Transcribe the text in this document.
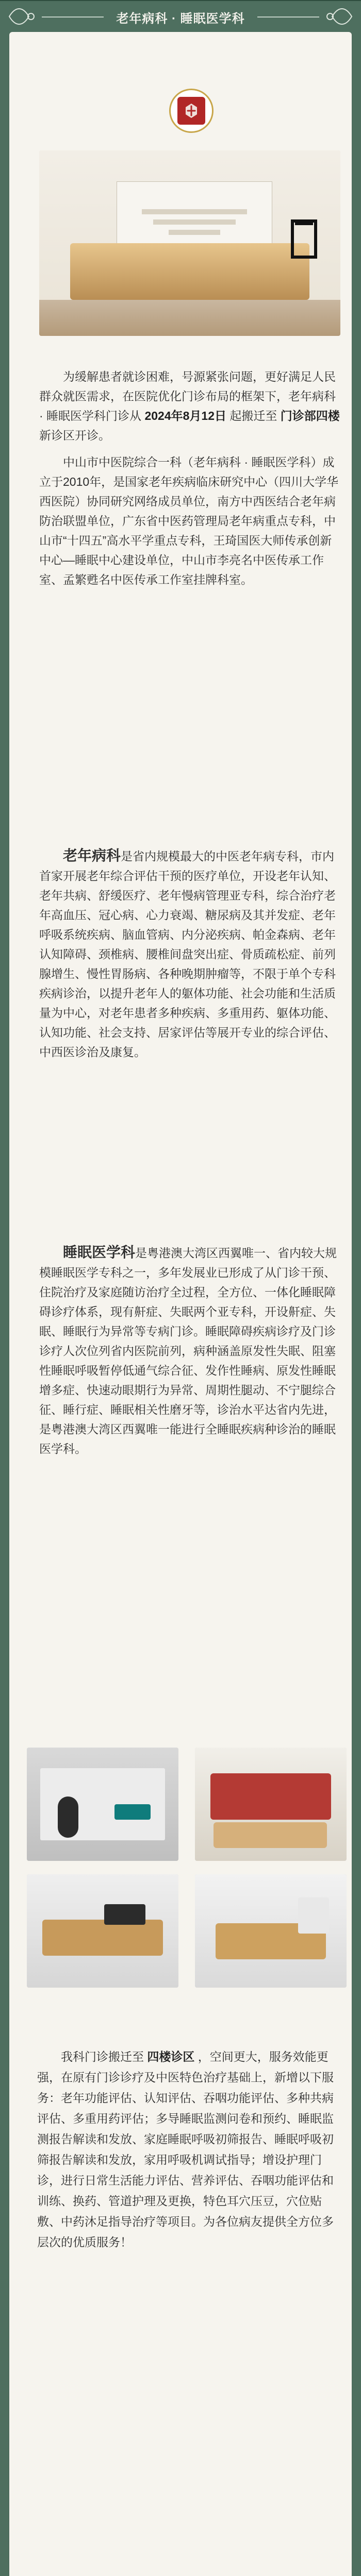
老年病科 · 睡眠医学科

为缓解患者就诊困难，号源紧张问题，更好满足人民群众就医需求，在医院优化门诊布局的框架下，老年病科 · 睡眠医学科门诊从 2024年8月12日 起搬迁至 门诊部四楼 新诊区开诊。

中山市中医院综合一科（老年病科 · 睡眠医学科）成立于2010年，是国家老年疾病临床研究中心（四川大学华西医院）协同研究网络成员单位，南方中西医结合老年病防治联盟单位，广东省中医药管理局老年病重点专科，中山市“十四五”高水平学重点专科，王琦国医大师传承创新中心—睡眠中心建设单位，中山市李亮名中医传承工作室、孟繁甦名中医传承工作室挂牌科室。

老年病科是省内规模最大的中医老年病专科，市内首家开展老年综合评估干预的医疗单位，开设老年认知、老年共病、舒缓医疗、老年慢病管理亚专科，综合治疗老年高血压、冠心病、心力衰竭、糖尿病及其并发症、老年呼吸系统疾病、脑血管病、内分泌疾病、帕金森病、老年认知障碍、颈椎病、腰椎间盘突出症、骨质疏松症、前列腺增生、慢性胃肠病、各种晚期肿瘤等，不限于单个专科疾病诊治，以提升老年人的躯体功能、社会功能和生活质量为中心，对老年患者多种疾病、多重用药、躯体功能、认知功能、社会支持、居家评估等展开专业的综合评估、中西医诊治及康复。

睡眠医学科是粤港澳大湾区西翼唯一、省内较大规模睡眠医学专科之一，多年发展业已形成了从门诊干预、住院治疗及家庭随访治疗全过程，全方位、一体化睡眠障碍诊疗体系，现有鼾症、失眠两个亚专科，开设鼾症、失眠、睡眠行为异常等专病门诊。睡眠障碍疾病诊疗及门诊诊疗人次位列省内医院前列，病种涵盖原发性失眠、阻塞性睡眠呼吸暂停低通气综合征、发作性睡病、原发性睡眠增多症、快速动眼期行为异常、周期性腿动、不宁腿综合征、睡行症、睡眠相关性磨牙等，诊治水平达省内先进，是粤港澳大湾区西翼唯一能进行全睡眠疾病种诊治的睡眠医学科。

我科门诊搬迁至 四楼诊区 ，空间更大，服务效能更强，在原有门诊诊疗及中医特色治疗基础上，新增以下服务：老年功能评估、认知评估、吞咽功能评估、多种共病评估、多重用药评估；多导睡眠监测问卷和预约、睡眠监测报告解读和发放、家庭睡眠呼吸初筛报告、睡眠呼吸初筛报告解读和发放，家用呼吸机调试指导；增设护理门诊，进行日常生活能力评估、营养评估、吞咽功能评估和训练、换药、管道护理及更换，特色耳穴压豆，穴位贴敷、中药沐足指导治疗等项目。为各位病友提供全方位多层次的优质服务！
